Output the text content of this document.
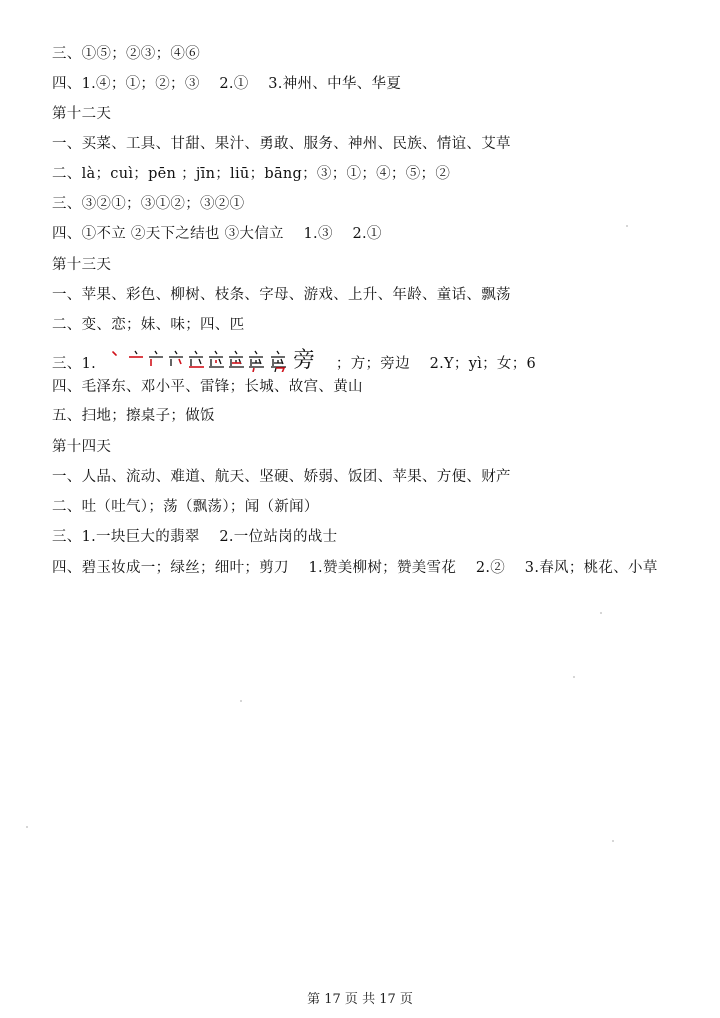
三、①⑤；②③；④⑥
四、1.④；①；②；③　 2.①　 3.神州、中华、华夏
第十二天
一、买菜、工具、甘甜、果汁、勇敢、服务、神州、民族、情谊、艾草
二、là；cuì；pēn ；jīn；liū；bāng；③；①；④；⑤；②
三、③②①；③①②；③②①
四、①不立 ②天下之结也 ③大信立　 1.③　 2.①
第十三天
一、苹果、彩色、柳树、枝条、字母、游戏、上升、年龄、童话、飘荡
二、变、恋；妹、味；四、匹
三、1.	旁 ；方；旁边　 2.Y；yì；女；6
四、毛泽东、邓小平、雷锋；长城、故宫、黄山
五、扫地；擦桌子；做饭
第十四天
一、人品、流动、难道、航天、坚硬、娇弱、饭团、苹果、方便、财产
二、吐（吐气）；荡（飘荡）；闻（新闻）
三、1.一块巨大的翡翠　 2.一位站岗的战士
四、碧玉妆成一；绿丝；细叶；剪刀　 1.赞美柳树；赞美雪花　 2.②　 3.春风；桃花、小草
第 17 页 共 17 页
